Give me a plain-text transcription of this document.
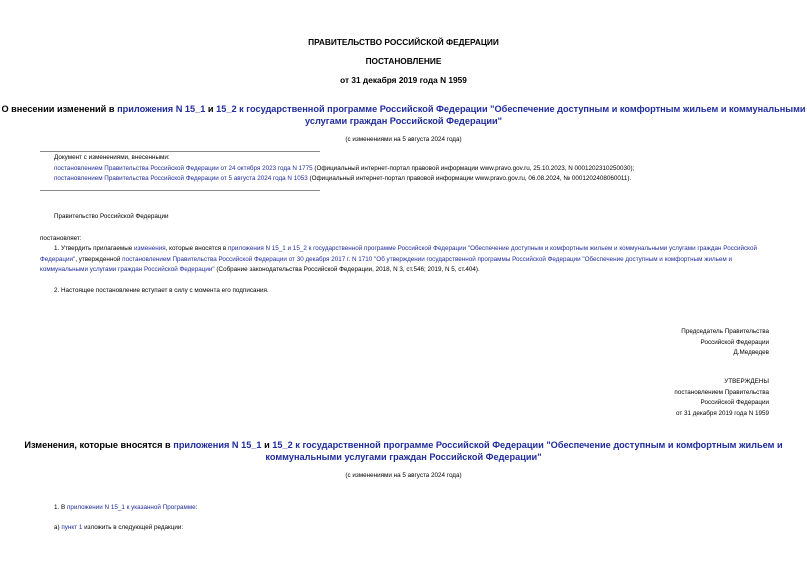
ПРАВИТЕЛЬСТВО РОССИЙСКОЙ ФЕДЕРАЦИИ
ПОСТАНОВЛЕНИЕ
от 31 декабря 2019 года N 1959
О внесении изменений в приложения N 15_1 и 15_2 к государственной программе Российской Федерации "Обеспечение доступным и комфортным жильем и коммунальными услугами граждан Российской Федерации"
(с изменениями на 5 августа 2024 года)
Документ с изменениями, внесенными:
постановлением Правительства Российской Федерации от 24 октября 2023 года N 1775 (Официальный интернет-портал правовой информации www.pravo.gov.ru, 25.10.2023, N 0001202310250030);
постановлением Правительства Российской Федерации от 5 августа 2024 года N 1053 (Официальный интернет-портал правовой информации www.pravo.gov.ru, 06.08.2024, № 0001202408060011).
Правительство Российской Федерации
постановляет:
1. Утвердить прилагаемые изменения, которые вносятся в приложения N 15_1 и 15_2 к государственной программе Российской Федерации "Обеспечение доступным и комфортным жильем и коммунальными услугами граждан Российской Федерации", утвержденной постановлением Правительства Российской Федерации от 30 декабря 2017 г. N 1710 "Об утверждении государственной программы Российской Федерации "Обеспечение доступным и комфортным жильем и коммунальными услугами граждан Российской Федерации" (Собрание законодательства Российской Федерации, 2018, N 3, ст.546; 2019, N 5, ст.404).
2. Настоящее постановление вступает в силу с момента его подписания.
Председатель Правительства
Российской Федерации
Д.Медведев
УТВЕРЖДЕНЫ
постановлением Правительства
Российской Федерации
от 31 декабря 2019 года N 1959
Изменения, которые вносятся в приложения N 15_1 и 15_2 к государственной программе Российской Федерации "Обеспечение доступным и комфортным жильем и коммунальными услугами граждан Российской Федерации"
(с изменениями на 5 августа 2024 года)
1. В приложении N 15_1 к указанной Программе:
а) пункт 1 изложить в следующей редакции:
